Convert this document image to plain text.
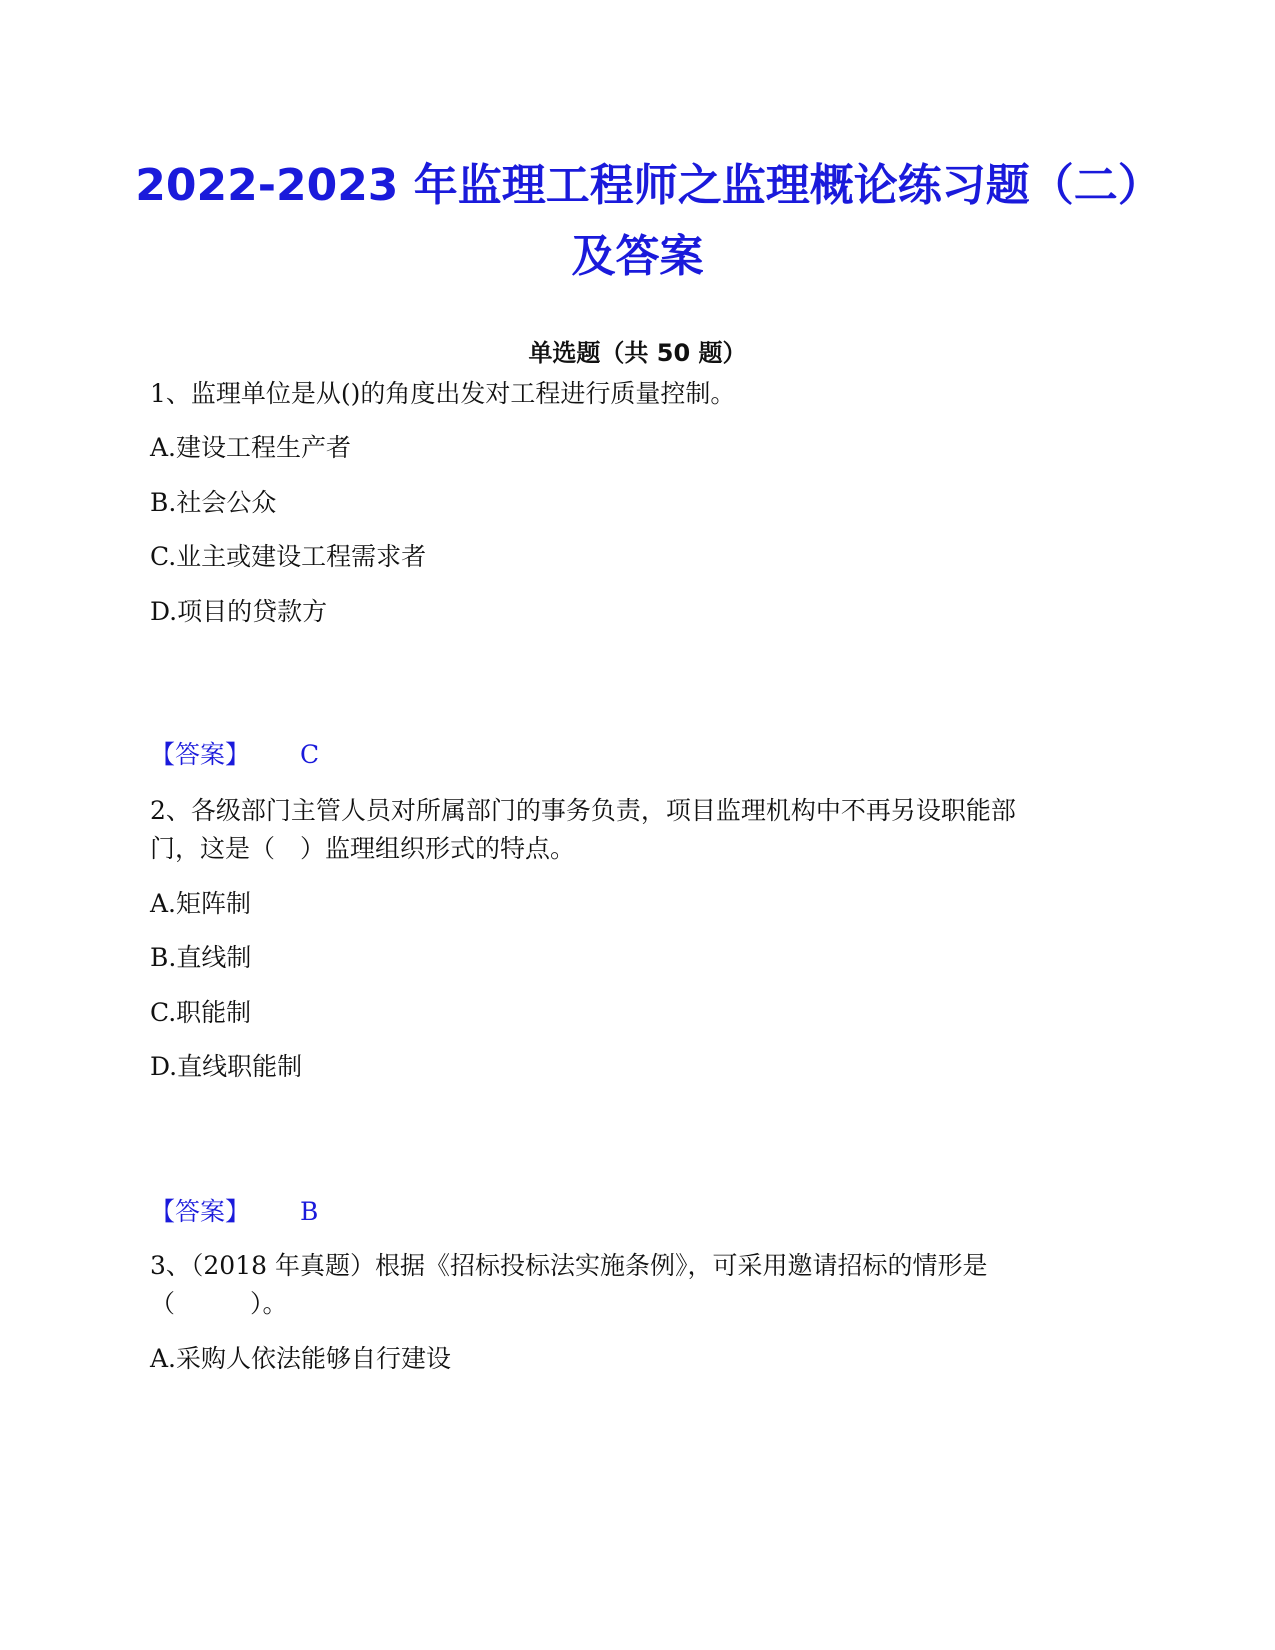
2022-2023 年监理工程师之监理概论练习题（二）及答案
单选题（共 50 题）

1、监理单位是从()的角度出发对工程进行质量控制。

A.建设工程生产者

B.社会公众

C.业主或建设工程需求者

D.项目的贷款方

【答案】 C

2、各级部门主管人员对所属部门的事务负责，项目监理机构中不再另设职能部门，这是（　）监理组织形式的特点。

A.矩阵制

B.直线制

C.职能制

D.直线职能制

【答案】 B

3、（2018 年真题）根据《招标投标法实施条例》，可采用邀请招标的情形是（　　　）。

A.采购人依法能够自行建设
